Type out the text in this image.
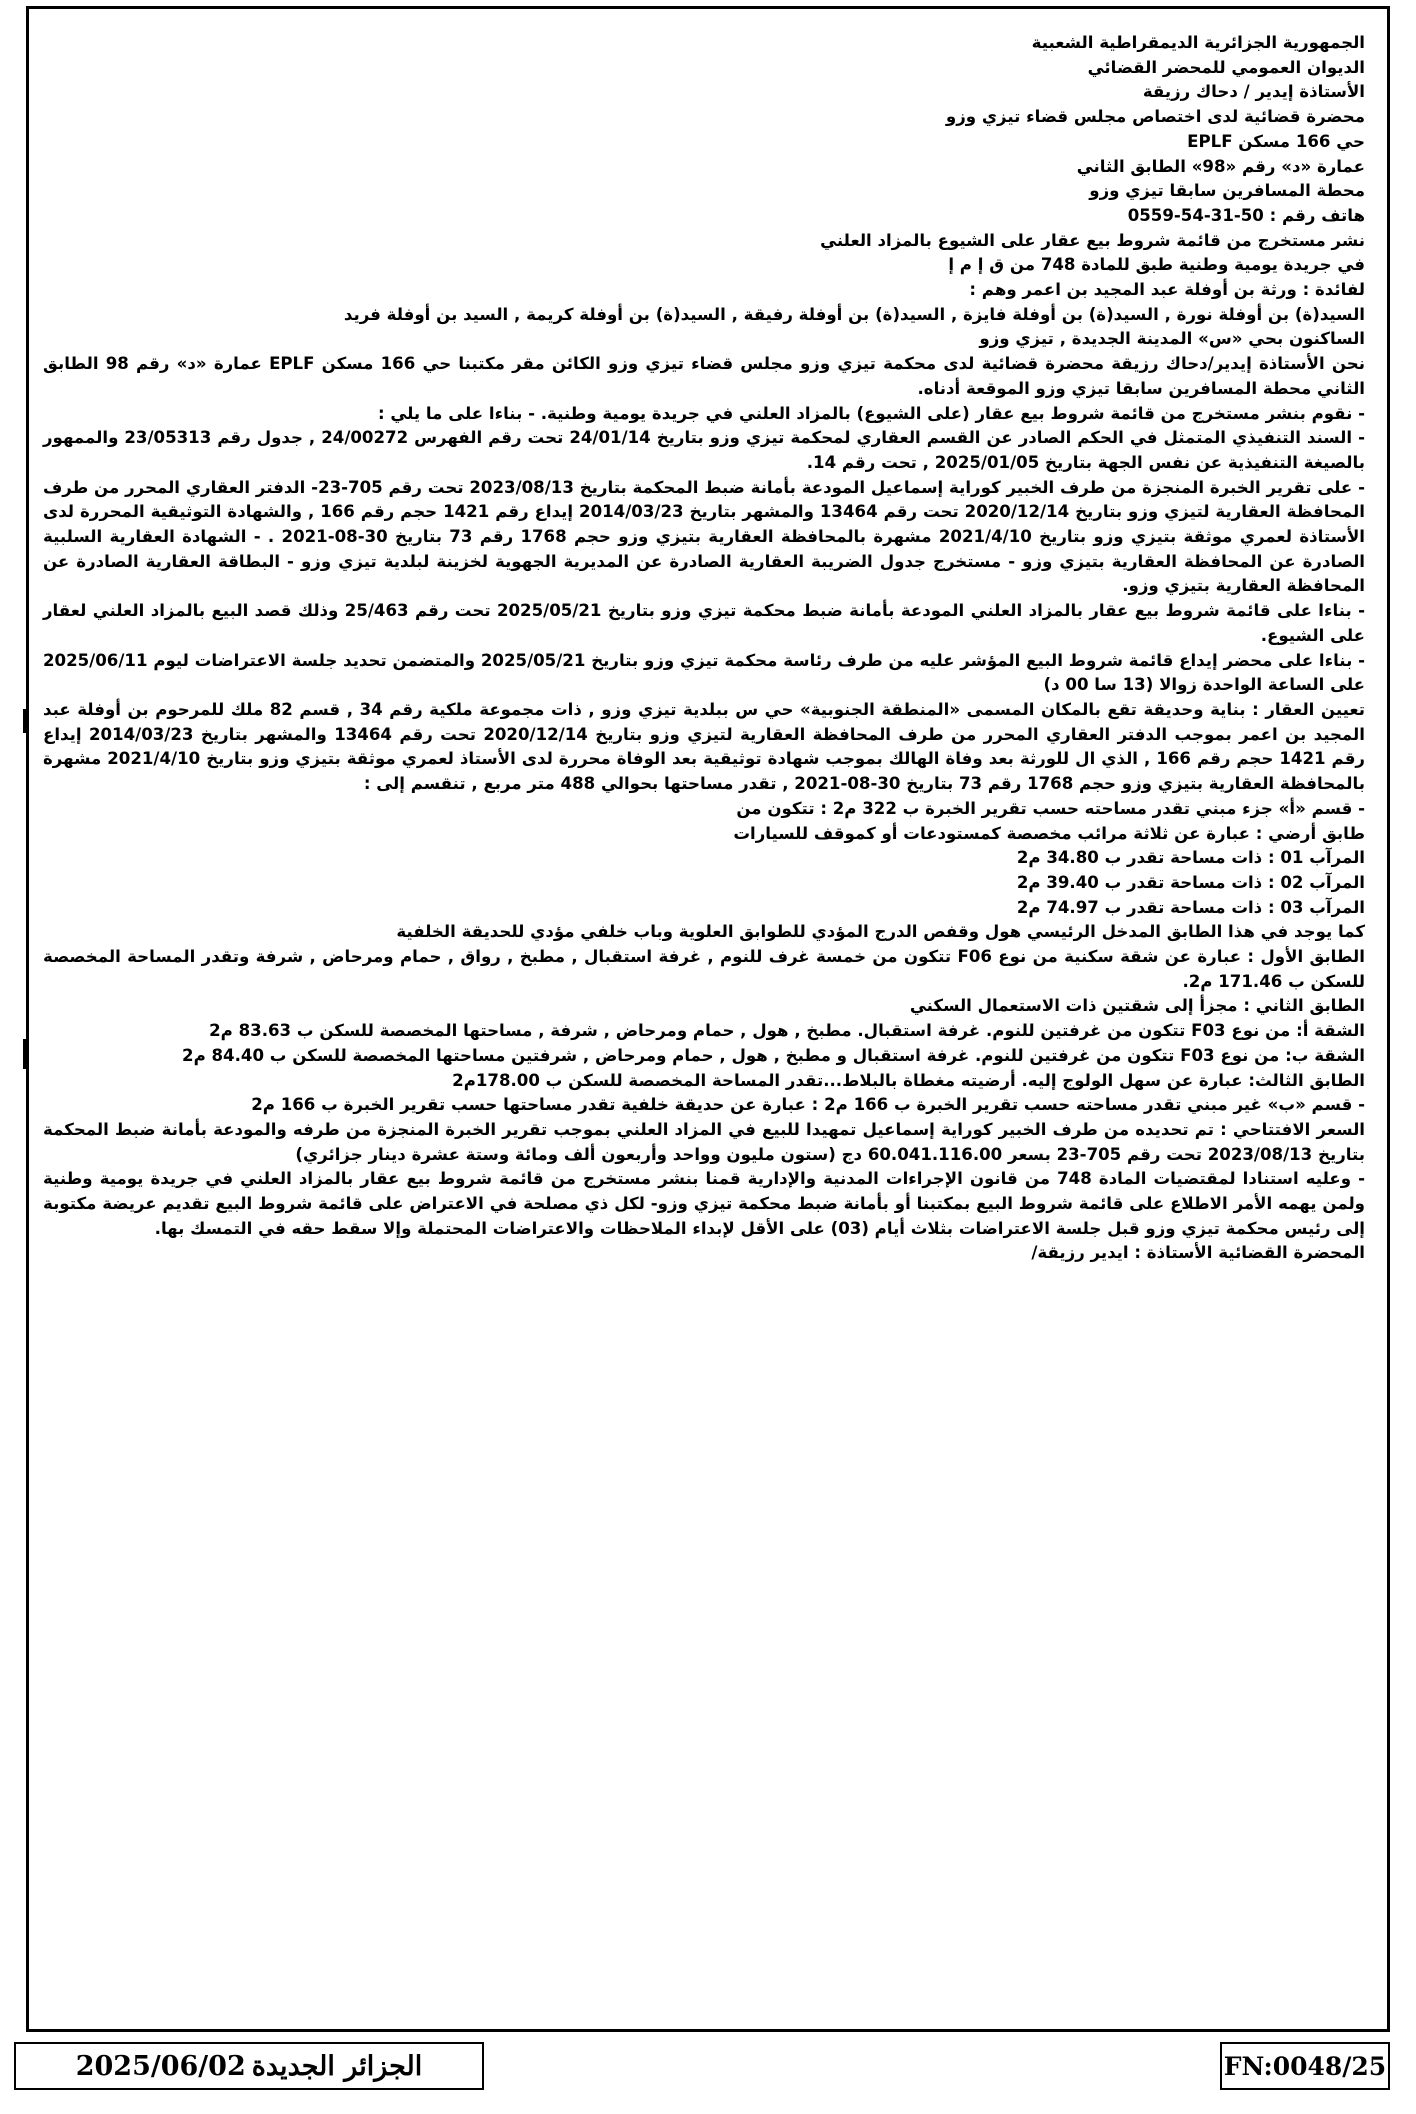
الجمهورية الجزائرية الديمقراطية الشعبية

الديوان العمومي للمحضر القضائي

الأستاذة إيدير / دحاك رزيقة

محضرة قضائية لدى اختصاص مجلس قضاء تيزي وزو

حي 166 مسكن EPLF

عمارة «د» رقم «98» الطابق الثاني

محطة المسافرين سابقا تيزي وزو

هاتف رقم : 50-31-54-0559

نشر مستخرج من قائمة شروط بيع عقار على الشيوع بالمزاد العلني

في جريدة يومية وطنية طبق للمادة 748 من ق إ م إ

لفائدة : ورثة بن أوفلة عبد المجيد بن اعمر وهم :

السيد(ة) بن أوفلة نورة , السيد(ة) بن أوفلة فايزة , السيد(ة) بن أوفلة رفيقة , السيد(ة) بن أوفلة كريمة , السيد بن أوفلة فريد

الساكنون بحي «س» المدينة الجديدة , تيزي وزو

نحن الأستاذة إيدير/دحاك رزيقة محضرة قضائية لدى محكمة تيزي وزو مجلس قضاء تيزي وزو الكائن مقر مكتبنا حي 166 مسكن EPLF عمارة «د» رقم 98 الطابق الثاني محطة المسافرين سابقا تيزي وزو الموقعة أدناه.

- نقوم بنشر مستخرج من قائمة شروط بيع عقار (على الشيوع) بالمزاد العلني في جريدة يومية وطنية. - بناءا على ما يلي :

- السند التنفيذي المتمثل في الحكم الصادر عن القسم العقاري لمحكمة تيزي وزو بتاريخ 24/01/14 تحت رقم الفهرس 24/00272 , جدول رقم 23/05313 والممهور بالصيغة التنفيذية عن نفس الجهة بتاريخ 2025/01/05 , تحت رقم 14.

- على تقرير الخبرة المنجزة من طرف الخبير كوراية إسماعيل المودعة بأمانة ضبط المحكمة بتاريخ 2023/08/13 تحت رقم 705-23- الدفتر العقاري المحرر من طرف المحافظة العقارية لتيزي وزو بتاريخ 2020/12/14 تحت رقم 13464 والمشهر بتاريخ 2014/03/23 إيداع رقم 1421 حجم رقم 166 , والشهادة التوثيقية المحررة لدى الأستاذة لعمري موثقة بتيزي وزو بتاريخ 2021/4/10 مشهرة بالمحافظة العقارية بتيزي وزو حجم 1768 رقم 73 بتاريخ 30-08-2021 . - الشهادة العقارية السلبية الصادرة عن المحافظة العقارية بتيزي وزو - مستخرج جدول الضريبة العقارية الصادرة عن المديرية الجهوية لخزينة لبلدية تيزي وزو - البطاقة العقارية الصادرة عن المحافظة العقارية بتيزي وزو.

- بناءا على قائمة شروط بيع عقار بالمزاد العلني المودعة بأمانة ضبط محكمة تيزي وزو بتاريخ 2025/05/21 تحت رقم 25/463 وذلك قصد البيع بالمزاد العلني لعقار على الشيوع.

- بناءا على محضر إيداع قائمة شروط البيع المؤشر عليه من طرف رئاسة محكمة تيزي وزو بتاريخ 2025/05/21 والمتضمن تحديد جلسة الاعتراضات ليوم 2025/06/11 على الساعة الواحدة زوالا (13 سا 00 د)

تعيين العقار : بناية وحديقة تقع بالمكان المسمى «المنطقة الجنوبية» حي س ببلدية تيزي وزو , ذات مجموعة ملكية رقم 34 , قسم 82 ملك للمرحوم بن أوفلة عبد المجيد بن اعمر بموجب الدفتر العقاري المحرر من طرف المحافظة العقارية لتيزي وزو بتاريخ 2020/12/14 تحت رقم 13464 والمشهر بتاريخ 2014/03/23 إيداع رقم 1421 حجم رقم 166 , الذي ال للورثة بعد وفاة الهالك بموجب شهادة توثيقية بعد الوفاة محررة لدى الأستاذ لعمري موثقة بتيزي وزو بتاريخ 2021/4/10 مشهرة بالمحافظة العقارية بتيزي وزو حجم 1768 رقم 73 بتاريخ 30-08-2021 , تقدر مساحتها بحوالي 488 متر مربع , تنقسم إلى :

- قسم «أ» جزء مبني تقدر مساحته حسب تقرير الخبرة ب 322 م2 : تتكون من

طابق أرضي : عبارة عن ثلاثة مرائب مخصصة كمستودعات أو كموقف للسيارات

المرآب 01 : ذات مساحة تقدر ب 34.80 م2

المرآب 02 : ذات مساحة تقدر ب 39.40 م2

المرآب 03 : ذات مساحة تقدر ب 74.97 م2

كما يوجد في هذا الطابق المدخل الرئيسي هول وقفص الدرج المؤدي للطوابق العلوية وباب خلفي مؤدي للحديقة الخلفية

الطابق الأول : عبارة عن شقة سكنية من نوع F06 تتكون من خمسة غرف للنوم , غرفة استقبال , مطبخ , رواق , حمام ومرحاض , شرفة وتقدر المساحة المخصصة للسكن ب 171.46 م2.

الطابق الثاني : مجزأ إلى شقتين ذات الاستعمال السكني

الشقة أ: من نوع F03 تتكون من غرفتين للنوم. غرفة استقبال. مطبخ , هول , حمام ومرحاض , شرفة , مساحتها المخصصة للسكن ب 83.63 م2

الشقة ب: من نوع F03 تتكون من غرفتين للنوم. غرفة استقبال و مطبخ , هول , حمام ومرحاض , شرفتين مساحتها المخصصة للسكن ب 84.40 م2

الطابق الثالث: عبارة عن سهل الولوج إليه. أرضيته مغطاة بالبلاط...تقدر المساحة المخصصة للسكن ب 178.00م2

- قسم «ب» غير مبني تقدر مساحته حسب تقرير الخبرة ب 166 م2 : عبارة عن حديقة خلفية تقدر مساحتها حسب تقرير الخبرة ب 166 م2

السعر الافتتاحي : تم تحديده من طرف الخبير كوراية إسماعيل تمهيدا للبيع في المزاد العلني بموجب تقرير الخبرة المنجزة من طرفه والمودعة بأمانة ضبط المحكمة بتاريخ 2023/08/13 تحت رقم 705-23 بسعر 60.041.116.00 دج (ستون مليون وواحد وأربعون ألف ومائة وستة عشرة دينار جزائري)

- وعليه استنادا لمقتضيات المادة 748 من قانون الإجراءات المدنية والإدارية قمنا بنشر مستخرج من قائمة شروط بيع عقار بالمزاد العلني في جريدة يومية وطنية ولمن يهمه الأمر الاطلاع على قائمة شروط البيع بمكتبنا أو بأمانة ضبط محكمة تيزي وزو- لكل ذي مصلحة في الاعتراض على قائمة شروط البيع تقديم عريضة مكتوبة إلى رئيس محكمة تيزي وزو قبل جلسة الاعتراضات بثلاث أيام (03) على الأقل لإبداء الملاحظات والاعتراضات المحتملة وإلا سقط حقه في التمسك بها.

المحضرة القضائية الأستاذة : ايدير رزيقة/

2025/06/02 الجزائر الجديدة	FN:0048/25
